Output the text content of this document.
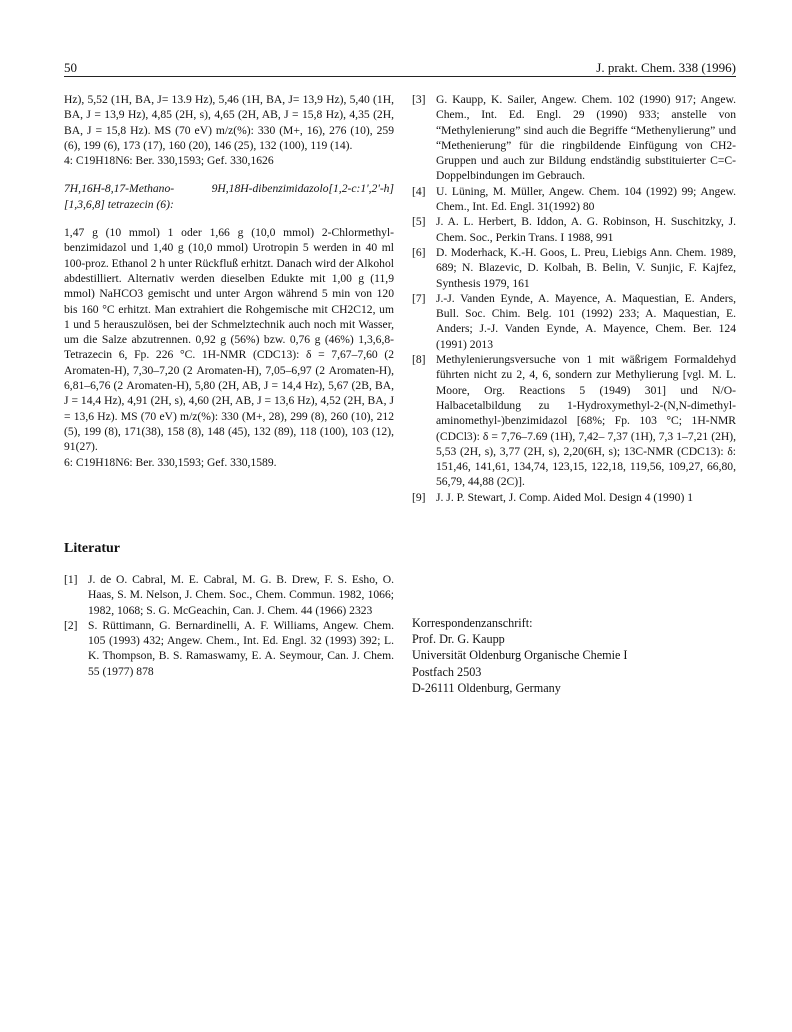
50	J. prakt. Chem. 338 (1996)

Hz), 5,52 (1H, BA, J= 13.9 Hz), 5,46 (1H, BA, J= 13,9 Hz), 5,40 (1H, BA, J = 13,9 Hz), 4,85 (2H, s), 4,65 (2H, AB, J = 15,8 Hz), 4,35 (2H, BA, J = 15,8 Hz). MS (70 eV) m/z(%): 330 (M+, 16), 276 (10), 259 (6), 199 (6), 173 (17), 160 (20), 146 (25), 132 (100), 119 (14).

4: C19H18N6: Ber. 330,1593; Gef. 330,1626

7H,16H-8,17-Methano- 9H,18H-dibenzimidazolo[1,2-c:1',2'-h][1,3,6,8] tetrazecin (6):

1,47 g (10 mmol) 1 oder 1,66 g (10,0 mmol) 2-Chlormethyl-benzimidazol und 1,40 g (10,0 mmol) Urotropin 5 werden in 40 ml 100-proz. Ethanol 2 h unter Rückfluß erhitzt. Danach wird der Alkohol abdestilliert. Alternativ werden dieselben Edukte mit 1,00 g (11,9 mmol) NaHCO3 gemischt und unter Argon während 5 min von 120 bis 160 °C erhitzt. Man extrahiert die Rohgemische mit CH2C12, um 1 und 5 herauszulösen, bei der Schmelztechnik auch noch mit Wasser, um die Salze abzutrennen. 0,92 g (56%) bzw. 0,76 g (46%) 1,3,6,8-Tetrazecin 6, Fp. 226 °C. 1H-NMR (CDC13): δ = 7,67–7,60 (2 Aromaten-H), 7,30–7,20 (2 Aromaten-H), 7,05–6,97 (2 Aromaten-H), 6,81–6,76 (2 Aromaten-H), 5,80 (2H, AB, J = 14,4 Hz), 5,67 (2B, BA, J = 14,4 Hz), 4,91 (2H, s), 4,60 (2H, AB, J = 13,6 Hz), 4,52 (2H, BA, J = 13,6 Hz). MS (70 eV) m/z(%): 330 (M+, 28), 299 (8), 260 (10), 212 (5), 199 (8), 171(38), 158 (8), 148 (45), 132 (89), 118 (100), 103 (12), 91(27).

6: C19H18N6: Ber. 330,1593; Gef. 330,1589.

Literatur
[1] J. de O. Cabral, M. E. Cabral, M. G. B. Drew, F. S. Esho, O. Haas, S. M. Nelson, J. Chem. Soc., Chem. Commun. 1982, 1066; 1982, 1068; S. G. McGeachin, Can. J. Chem. 44 (1966) 2323
[2] S. Rüttimann, G. Bernardinelli, A. F. Williams, Angew. Chem. 105 (1993) 432; Angew. Chem., Int. Ed. Engl. 32 (1993) 392; L. K. Thompson, B. S. Ramaswamy, E. A. Seymour, Can. J. Chem. 55 (1977) 878
[3] G. Kaupp, K. Sailer, Angew. Chem. 102 (1990) 917; Angew. Chem., Int. Ed. Engl. 29 (1990) 933; anstelle von “Methylenierung” sind auch die Begriffe “Methenylierung” und “Methenierung” für die ringbildende Einfügung von CH2-Gruppen und auch zur Bildung endständig substituierter C=C-Doppelbindungen im Gebrauch.
[4] U. Lüning, M. Müller, Angew. Chem. 104 (1992) 99; Angew. Chem., Int. Ed. Engl. 31(1992) 80
[5] J. A. L. Herbert, B. Iddon, A. G. Robinson, H. Suschitzky, J. Chem. Soc., Perkin Trans. I 1988, 991
[6] D. Moderhack, K.-H. Goos, L. Preu, Liebigs Ann. Chem. 1989, 689; N. Blazevic, D. Kolbah, B. Belin, V. Sunjic, F. Kajfez, Synthesis 1979, 161
[7] J.-J. Vanden Eynde, A. Mayence, A. Maquestian, E. Anders, Bull. Soc. Chim. Belg. 101 (1992) 233; A. Maquestian, E. Anders; J.-J. Vanden Eynde, A. Mayence, Chem. Ber. 124 (1991) 2013
[8] Methylenierungsversuche von 1 mit wäßrigem Formaldehyd führten nicht zu 2, 4, 6, sondern zur Methylierung [vgl. M. L. Moore, Org. Reactions 5 (1949) 301] und N/O-Halbacetalbildung zu 1-Hydroxymethyl-2-(N,N-dimethyl-aminomethyl-)benzimidazol [68%; Fp. 103 °C; 1H-NMR (CDCl3): δ = 7,76–7.69 (1H), 7,42– 7,37 (1H), 7,3 1–7,21 (2H), 5,53 (2H, s), 3,77 (2H, s), 2,20(6H, s); 13C-NMR (CDC13): δ: 151,46, 141,61, 134,74, 123,15, 122,18, 119,56, 109,27, 66,80, 56,79, 44,88 (2C)].
[9] J. J. P. Stewart, J. Comp. Aided Mol. Design 4 (1990) 1
Korrespondenzanschrift:
Prof. Dr. G. Kaupp
Universität Oldenburg Organische Chemie I
Postfach 2503
D-26111 Oldenburg, Germany
